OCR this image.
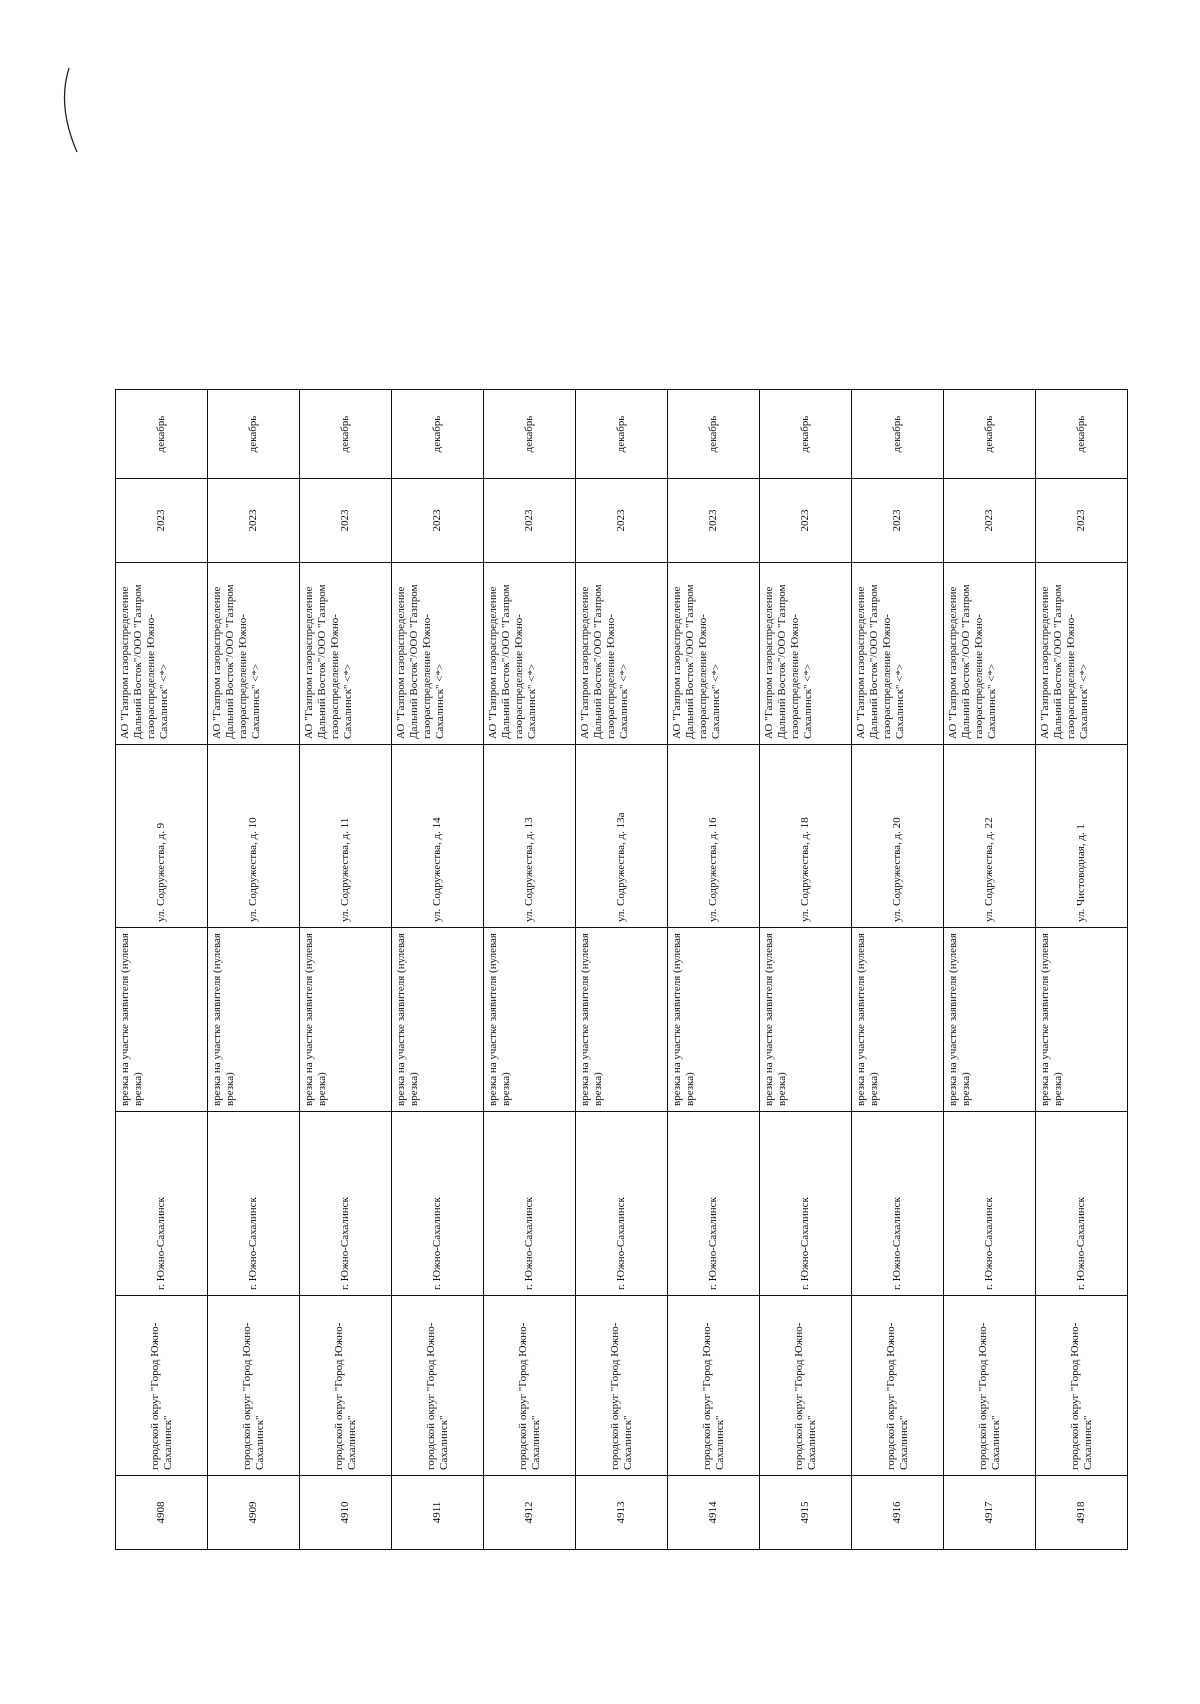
4908	городской округ "Город Южно-Сахалинск"	г. Южно-Сахалинск	врезка на участке заявителя (нулевая врезка)	ул. Содружества, д. 9	АО "Газпром газораспределение Дальний Восток"/ООО "Газпром газораспределение Южно-Сахалинск" <*>	2023	декабрь

4909	городской округ "Город Южно-Сахалинск"	г. Южно-Сахалинск	врезка на участке заявителя (нулевая врезка)	ул. Содружества, д. 10	АО "Газпром газораспределение Дальний Восток"/ООО "Газпром газораспределение Южно-Сахалинск" <*>	2023	декабрь

4910	городской округ "Город Южно-Сахалинск"	г. Южно-Сахалинск	врезка на участке заявителя (нулевая врезка)	ул. Содружества, д. 11	АО "Газпром газораспределение Дальний Восток"/ООО "Газпром газораспределение Южно-Сахалинск" <*>	2023	декабрь

4911	городской округ "Город Южно-Сахалинск"	г. Южно-Сахалинск	врезка на участке заявителя (нулевая врезка)	ул. Содружества, д. 14	АО "Газпром газораспределение Дальний Восток"/ООО "Газпром газораспределение Южно-Сахалинск" <*>	2023	декабрь

4912	городской округ "Город Южно-Сахалинск"	г. Южно-Сахалинск	врезка на участке заявителя (нулевая врезка)	ул. Содружества, д. 13	АО "Газпром газораспределение Дальний Восток"/ООО "Газпром газораспределение Южно-Сахалинск" <*>	2023	декабрь

4913	городской округ "Город Южно-Сахалинск"	г. Южно-Сахалинск	врезка на участке заявителя (нулевая врезка)	ул. Содружества, д. 13а	АО "Газпром газораспределение Дальний Восток"/ООО "Газпром газораспределение Южно-Сахалинск" <*>	2023	декабрь

4914	городской округ "Город Южно-Сахалинск"	г. Южно-Сахалинск	врезка на участке заявителя (нулевая врезка)	ул. Содружества, д. 16	АО "Газпром газораспределение Дальний Восток"/ООО "Газпром газораспределение Южно-Сахалинск" <*>	2023	декабрь

4915	городской округ "Город Южно-Сахалинск"	г. Южно-Сахалинск	врезка на участке заявителя (нулевая врезка)	ул. Содружества, д. 18	АО "Газпром газораспределение Дальний Восток"/ООО "Газпром газораспределение Южно-Сахалинск" <*>	2023	декабрь

4916	городской округ "Город Южно-Сахалинск"	г. Южно-Сахалинск	врезка на участке заявителя (нулевая врезка)	ул. Содружества, д. 20	АО "Газпром газораспределение Дальний Восток"/ООО "Газпром газораспределение Южно-Сахалинск" <*>	2023	декабрь

4917	городской округ "Город Южно-Сахалинск"	г. Южно-Сахалинск	врезка на участке заявителя (нулевая врезка)	ул. Содружества, д. 22	АО "Газпром газораспределение Дальний Восток"/ООО "Газпром газораспределение Южно-Сахалинск" <*>	2023	декабрь

4918	городской округ "Город Южно-Сахалинск"	г. Южно-Сахалинск	врезка на участке заявителя (нулевая врезка)	ул. Чистоводная, д. 1	АО "Газпром газораспределение Дальний Восток"/ООО "Газпром газораспределение Южно-Сахалинск" <*>	2023	декабрь
